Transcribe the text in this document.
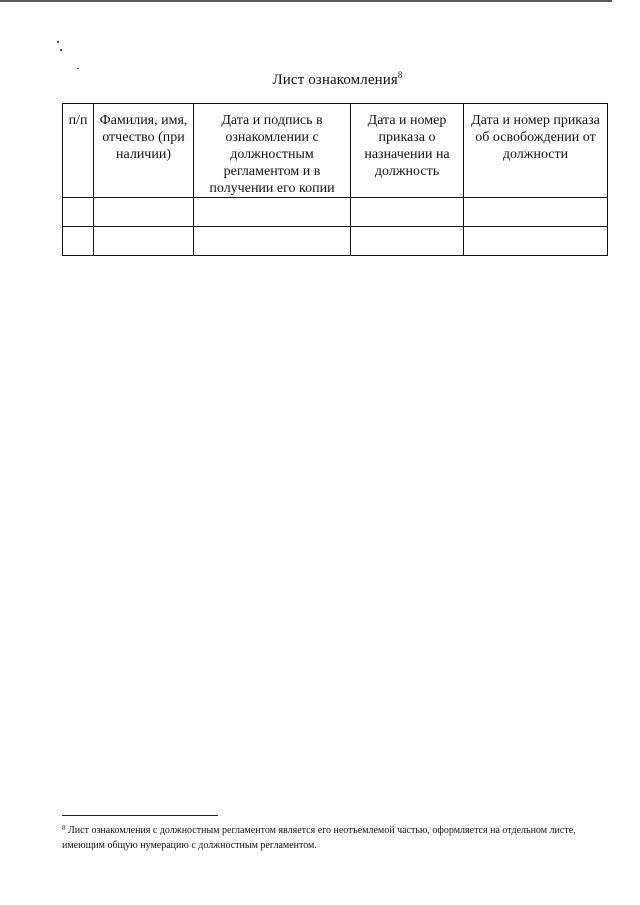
Лист ознакомления$^8$
п/п	Фамилия, имя, отчество (при наличии)	Дата и подпись в ознакомлении с должностным регламентом и в получении его копии	Дата и номер приказа о назначении на должность	Дата и номер приказа об освобождении от должности

$^8$ Лист ознакомления с должностным регламентом является его неотъемлемой частью, оформляется на отдельном листе, имеющим общую нумерацию с должностным регламентом.
